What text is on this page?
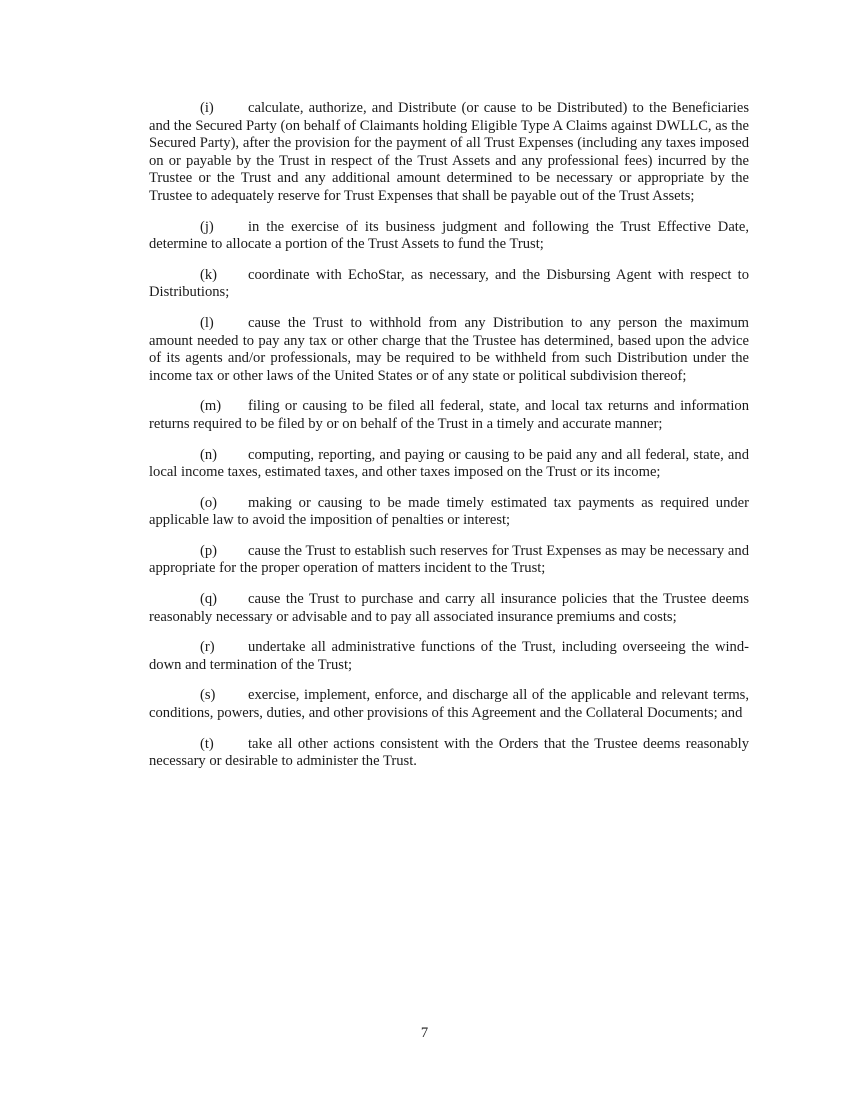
(i) calculate, authorize, and Distribute (or cause to be Distributed) to the Beneficiaries and the Secured Party (on behalf of Claimants holding Eligible Type A Claims against DWLLC, as the Secured Party), after the provision for the payment of all Trust Expenses (including any taxes imposed on or payable by the Trust in respect of the Trust Assets and any professional fees) incurred by the Trustee or the Trust and any additional amount determined to be necessary or appropriate by the Trustee to adequately reserve for Trust Expenses that shall be payable out of the Trust Assets;

(j) in the exercise of its business judgment and following the Trust Effective Date, determine to allocate a portion of the Trust Assets to fund the Trust;

(k) coordinate with EchoStar, as necessary, and the Disbursing Agent with respect to Distributions;

(l) cause the Trust to withhold from any Distribution to any person the maximum amount needed to pay any tax or other charge that the Trustee has determined, based upon the advice of its agents and/or professionals, may be required to be withheld from such Distribution under the income tax or other laws of the United States or of any state or political subdivision thereof;

(m) filing or causing to be filed all federal, state, and local tax returns and information returns required to be filed by or on behalf of the Trust in a timely and accurate manner;

(n) computing, reporting, and paying or causing to be paid any and all federal, state, and local income taxes, estimated taxes, and other taxes imposed on the Trust or its income;

(o) making or causing to be made timely estimated tax payments as required under applicable law to avoid the imposition of penalties or interest;

(p) cause the Trust to establish such reserves for Trust Expenses as may be necessary and appropriate for the proper operation of matters incident to the Trust;

(q) cause the Trust to purchase and carry all insurance policies that the Trustee deems reasonably necessary or advisable and to pay all associated insurance premiums and costs;

(r) undertake all administrative functions of the Trust, including overseeing the wind-down and termination of the Trust;

(s) exercise, implement, enforce, and discharge all of the applicable and relevant terms, conditions, powers, duties, and other provisions of this Agreement and the Collateral Documents; and

(t) take all other actions consistent with the Orders that the Trustee deems reasonably necessary or desirable to administer the Trust.

7
